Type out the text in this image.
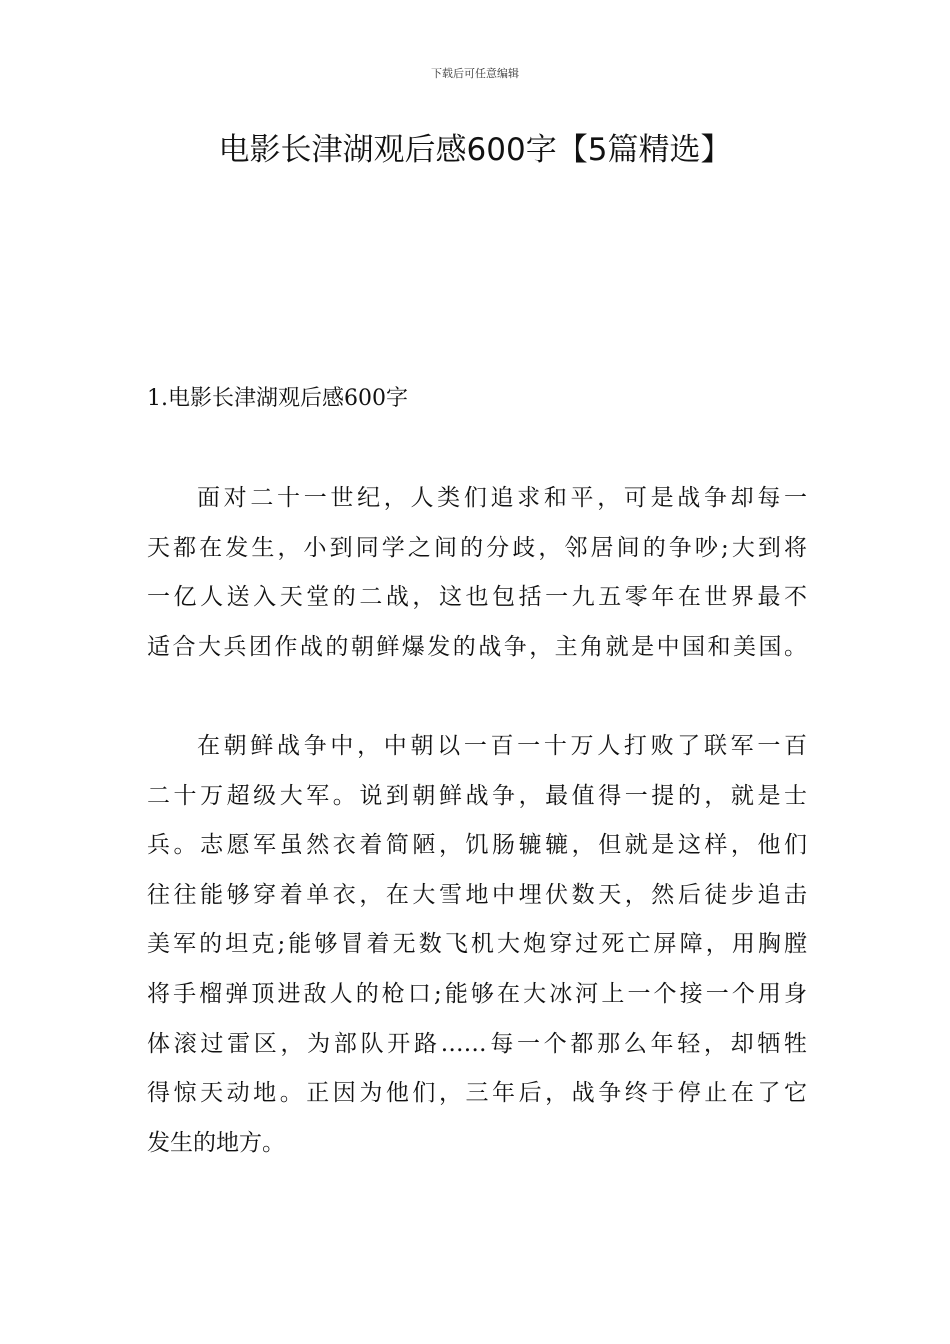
下载后可任意编辑
电影长津湖观后感600字【5篇精选】
1.电影长津湖观后感600字
面对二十一世纪，人类们追求和平，可是战争却每一
天都在发生，小到同学之间的分歧，邻居间的争吵;大到将
一亿人送入天堂的二战，这也包括一九五零年在世界最不
适合大兵团作战的朝鲜爆发的战争，主角就是中国和美国。
在朝鲜战争中，中朝以一百一十万人打败了联军一百
二十万超级大军。说到朝鲜战争，最值得一提的，就是士
兵。志愿军虽然衣着简陋，饥肠辘辘，但就是这样，他们
往往能够穿着单衣，在大雪地中埋伏数天，然后徒步追击
美军的坦克;能够冒着无数飞机大炮穿过死亡屏障，用胸膛
将手榴弹顶进敌人的枪口;能够在大冰河上一个接一个用身
体滚过雷区，为部队开路……每一个都那么年轻，却牺牲
得惊天动地。正因为他们，三年后，战争终于停止在了它
发生的地方。
